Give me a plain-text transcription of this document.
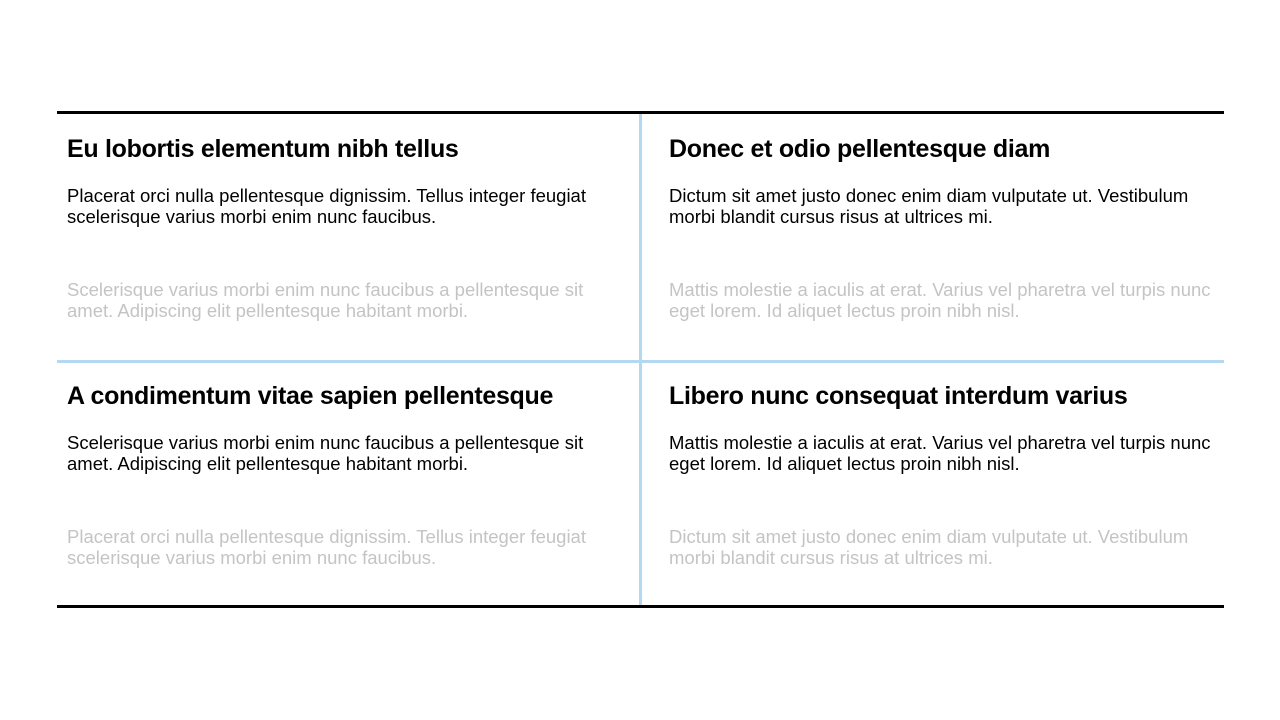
Eu lobortis elementum nibh tellus

Placerat orci nulla pellentesque dignissim. Tellus integer feugiat scelerisque varius morbi enim nunc faucibus.

Scelerisque varius morbi enim nunc faucibus a pellentesque sit amet. Adipiscing elit pellentesque habitant morbi.

Donec et odio pellentesque diam

Dictum sit amet justo donec enim diam vulputate ut. Vestibulum morbi blandit cursus risus at ultrices mi.

Mattis molestie a iaculis at erat. Varius vel pharetra vel turpis nunc eget lorem. Id aliquet lectus proin nibh nisl.

A condimentum vitae sapien pellentesque

Scelerisque varius morbi enim nunc faucibus a pellentesque sit amet. Adipiscing elit pellentesque habitant morbi.

Placerat orci nulla pellentesque dignissim. Tellus integer feugiat scelerisque varius morbi enim nunc faucibus.

Libero nunc consequat interdum varius

Mattis molestie a iaculis at erat. Varius vel pharetra vel turpis nunc eget lorem. Id aliquet lectus proin nibh nisl.

Dictum sit amet justo donec enim diam vulputate ut. Vestibulum morbi blandit cursus risus at ultrices mi.
